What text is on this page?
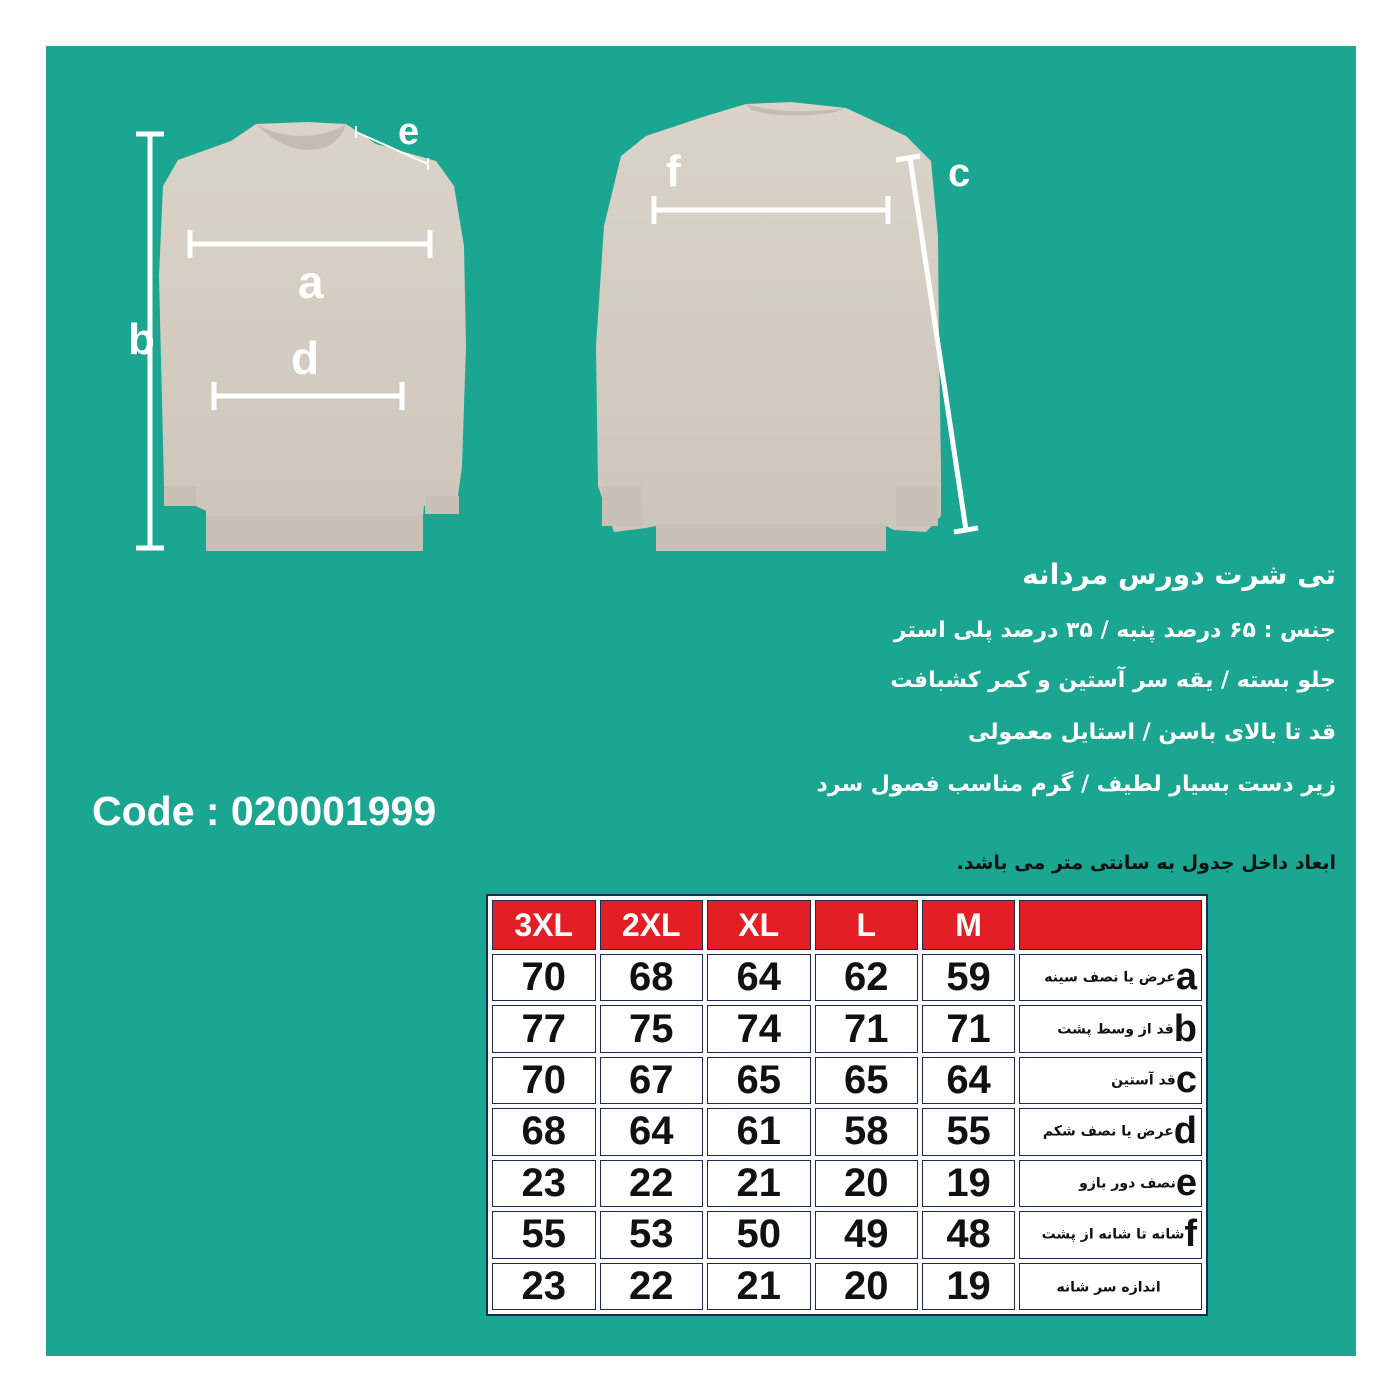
b
a
d
e
f	c
تی شرت دورس مردانه
جنس : ۶۵ درصد پنبه / ۳۵ درصد پلی استر
جلو بسته / یقه سر آستین و کمر کشبافت
قد تا بالای باسن / استایل معمولی
زیر دست بسیار لطیف / گرم مناسب فصول سرد
Code : 020001999
ابعاد داخل جدول به سانتی متر می باشد.
3XL	2XL	XL	L	M	
70	68	64	62	59	عرض یا نصف سینهa
77	75	74	71	71	قد از وسط پشتb
70	67	65	65	64	قد آستینc
68	64	61	58	55	عرض یا نصف شکمd
23	22	21	20	19	نصف دور بازوe
55	53	50	49	48	شانه تا شانه از پشتf
23	22	21	20	19	اندازه سر شانه
